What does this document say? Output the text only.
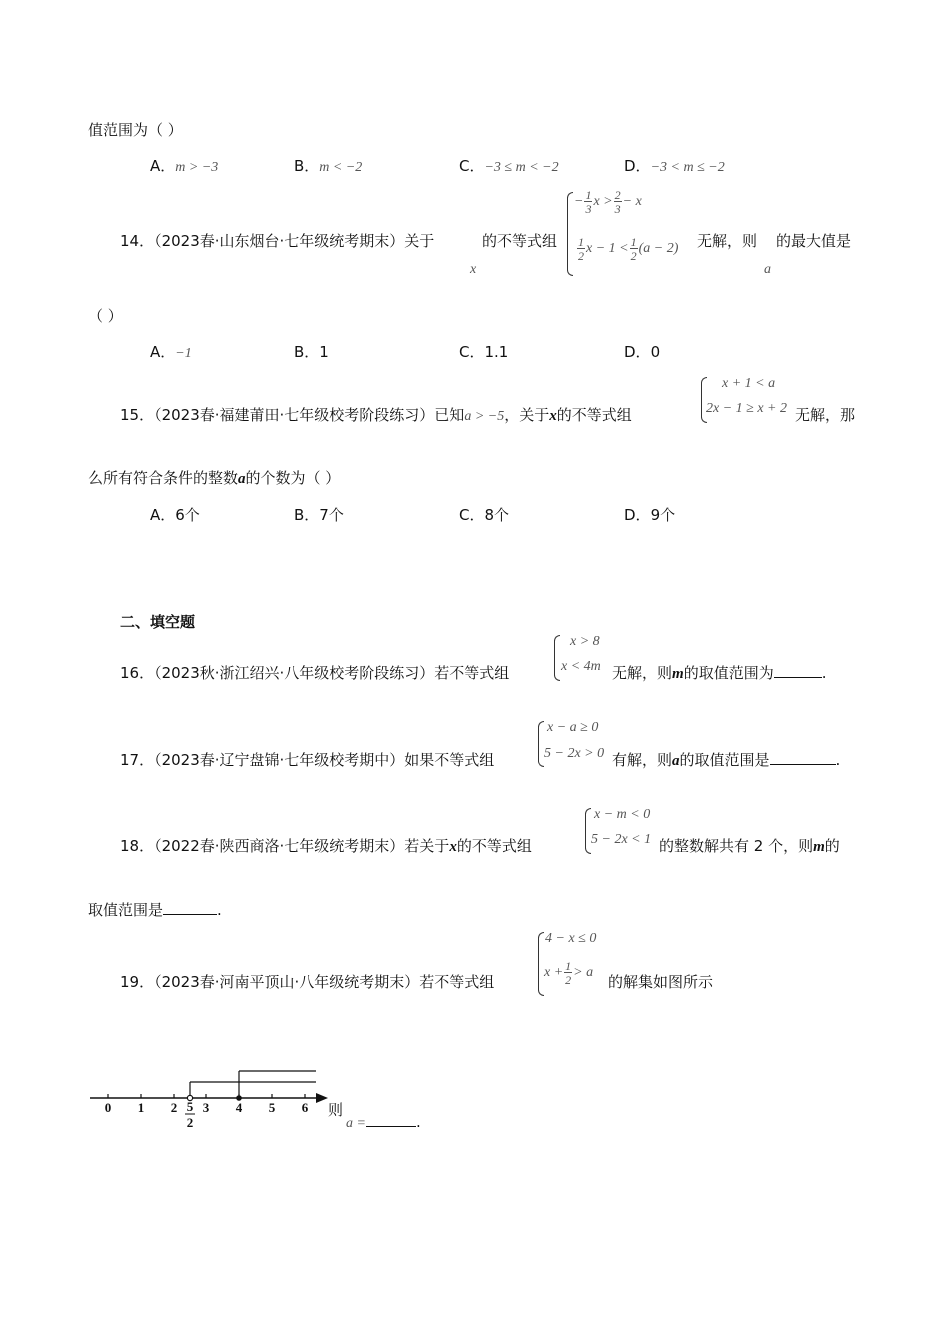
值范围为（ ）
A．m > −3	B．m < −2	C．−3 ≤ m < −2	D．−3 < m ≤ −2
14．（2023春·山东烟台·七年级统考期末）关于
x
的不等式组
− $\frac{1}{3}$ $x > \frac{2}{3} - x$
$\frac{1}{2}$ $x - 1 < \frac{1}{2} (a - 2)$ 无解，则
a
的最大值是
（ ）
A．−1	B．1	C．1.1	D．0
15．（2023春·福建莆田·七年级校考阶段练习）已知a > −5，关于x的不等式组
x + 1 < a
2x − 1 ≥ x + 2 无解，那
么所有符合条件的整数a的个数为（ ）
A．6个	B．7个	C．8个	D．9个
二、填空题
16．（2023秋·浙江绍兴·八年级校考阶段练习）若不等式组
x > 8
x < 4m 无解，则m的取值范围为	.
17．（2023春·辽宁盘锦·七年级校考期中）如果不等式组
x − a ≥ 0
5 − 2x > 0 有解，则a的取值范围是	.
18．（2022春·陕西商洛·七年级统考期末）若关于x的不等式组
x − m < 0
5 − 2x < 1 的整数解共有 2 个，则m的
取值范围是	.
19．（2023春·河南平顶山·八年级统考期末）若不等式组
4 − x ≤ 0
$x + \frac{1}{2} > a$
的解集如图所示
0 1 2 3 4 5 6
5
2
则
a =	.
